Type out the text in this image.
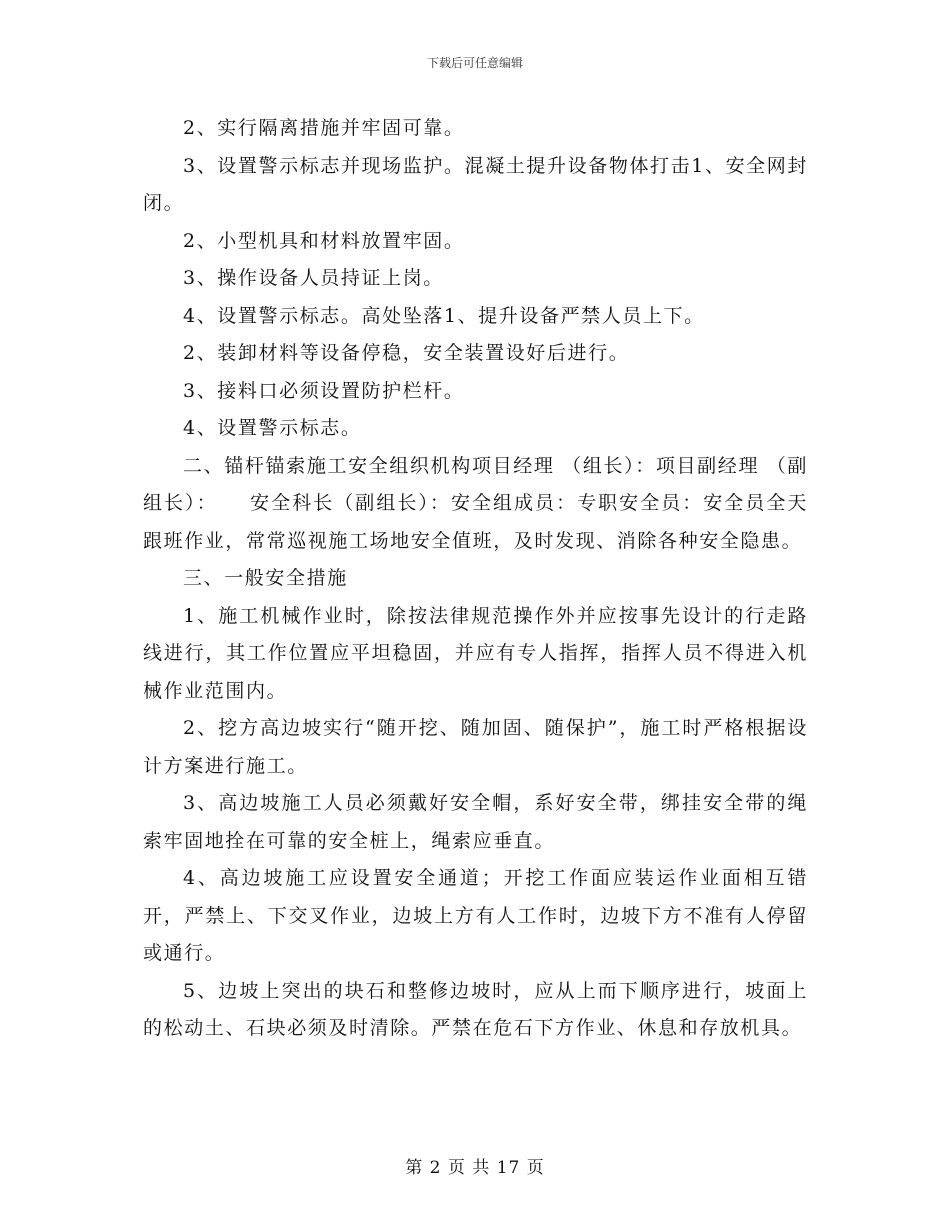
下载后可任意编辑

2、实行隔离措施并牢固可靠。

3、设置警示标志并现场监护。混凝土提升设备物体打击1、安全网封闭。

2、小型机具和材料放置牢固。

3、操作设备人员持证上岗。

4、设置警示标志。高处坠落1、提升设备严禁人员上下。

2、装卸材料等设备停稳，安全装置设好后进行。

3、接料口必须设置防护栏杆。

4、设置警示标志。

二、锚杆锚索施工安全组织机构项目经理 （组长）：项目副经理 （副组长）：　　安全科长（副组长）：安全组成员：专职安全员：安全员全天跟班作业，常常巡视施工场地安全值班，及时发现、消除各种安全隐患。

三、一般安全措施

1、施工机械作业时，除按法律规范操作外并应按事先设计的行走路线进行，其工作位置应平坦稳固，并应有专人指挥，指挥人员不得进入机械作业范围内。

2、挖方高边坡实行“随开挖、随加固、随保护”，施工时严格根据设计方案进行施工。

3、高边坡施工人员必须戴好安全帽，系好安全带，绑挂安全带的绳索牢固地拴在可靠的安全桩上，绳索应垂直。

4、高边坡施工应设置安全通道；开挖工作面应装运作业面相互错开，严禁上、下交叉作业，边坡上方有人工作时，边坡下方不准有人停留或通行。

5、边坡上突出的块石和整修边坡时，应从上而下顺序进行，坡面上的松动土、石块必须及时清除。严禁在危石下方作业、休息和存放机具。

第 2 页 共 17 页
